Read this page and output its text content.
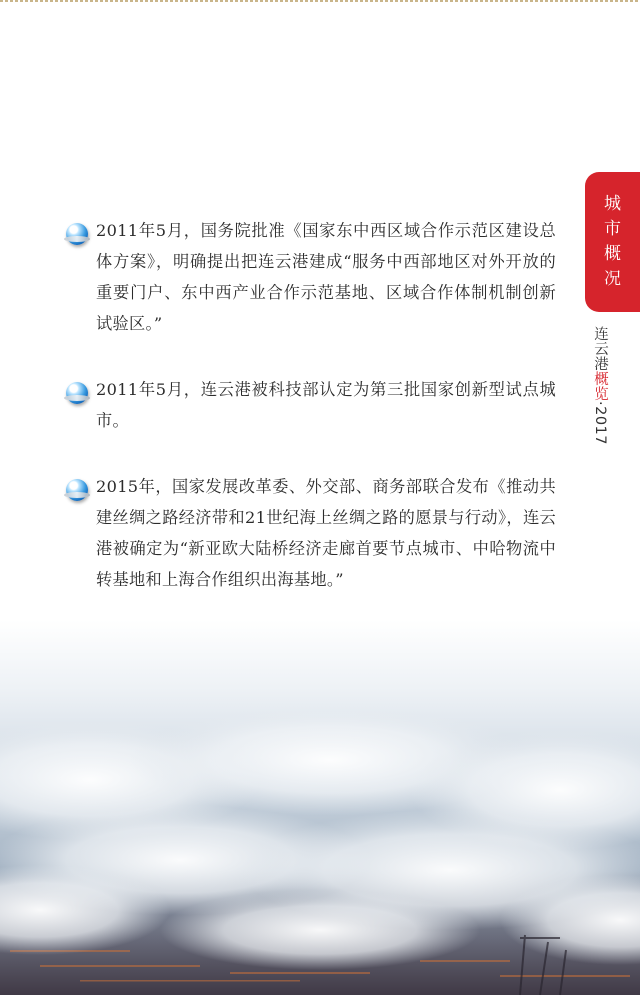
城
市
概
况
连云港概览·2017
2011年5月，国务院批准《国家东中西区域合作示范区建设总体方案》，明确提出把连云港建成“服务中西部地区对外开放的重要门户、东中西产业合作示范基地、区域合作体制机制创新试验区。”
2011年5月，连云港被科技部认定为第三批国家创新型试点城市。
2015年，国家发展改革委、外交部、商务部联合发布《推动共建丝绸之路经济带和21世纪海上丝绸之路的愿景与行动》，连云港被确定为“新亚欧大陆桥经济走廊首要节点城市、中哈物流中转基地和上海合作组织出海基地。”
